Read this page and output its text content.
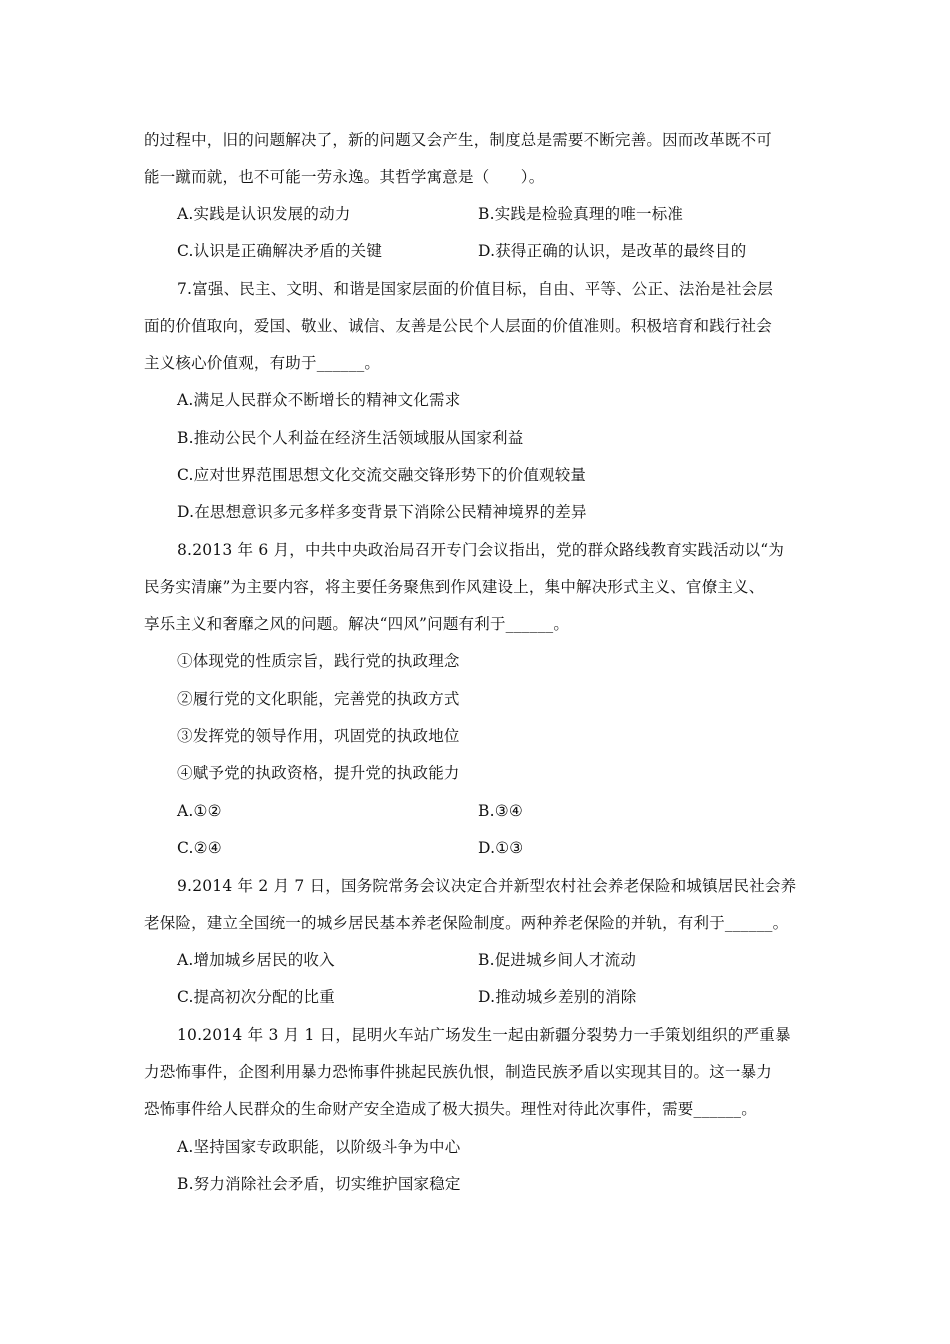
的过程中，旧的问题解决了，新的问题又会产生，制度总是需要不断完善。因而改革既不可
能一蹴而就，也不可能一劳永逸。其哲学寓意是（　　）。
A.实践是认识发展的动力	B.实践是检验真理的唯一标准
C.认识是正确解决矛盾的关键	D.获得正确的认识，是改革的最终目的
7.富强、民主、文明、和谐是国家层面的价值目标，自由、平等、公正、法治是社会层
面的价值取向，爱国、敬业、诚信、友善是公民个人层面的价值准则。积极培育和践行社会
主义核心价值观，有助于______。
A.满足人民群众不断增长的精神文化需求
B.推动公民个人利益在经济生活领域服从国家利益
C.应对世界范围思想文化交流交融交锋形势下的价值观较量
D.在思想意识多元多样多变背景下消除公民精神境界的差异
8.2013 年 6 月，中共中央政治局召开专门会议指出，党的群众路线教育实践活动以“为
民务实清廉”为主要内容，将主要任务聚焦到作风建设上，集中解决形式主义、官僚主义、
享乐主义和奢靡之风的问题。解决“四风”问题有利于______。
①体现党的性质宗旨，践行党的执政理念
②履行党的文化职能，完善党的执政方式
③发挥党的领导作用，巩固党的执政地位
④赋予党的执政资格，提升党的执政能力
A.①②	B.③④
C.②④	D.①③
9.2014 年 2 月 7 日，国务院常务会议决定合并新型农村社会养老保险和城镇居民社会养
老保险，建立全国统一的城乡居民基本养老保险制度。两种养老保险的并轨，有利于______。
A.增加城乡居民的收入	B.促进城乡间人才流动
C.提高初次分配的比重	D.推动城乡差别的消除
10.2014 年 3 月 1 日，昆明火车站广场发生一起由新疆分裂势力一手策划组织的严重暴
力恐怖事件，企图利用暴力恐怖事件挑起民族仇恨，制造民族矛盾以实现其目的。这一暴力
恐怖事件给人民群众的生命财产安全造成了极大损失。理性对待此次事件，需要______。
A.坚持国家专政职能，以阶级斗争为中心
B.努力消除社会矛盾，切实维护国家稳定
